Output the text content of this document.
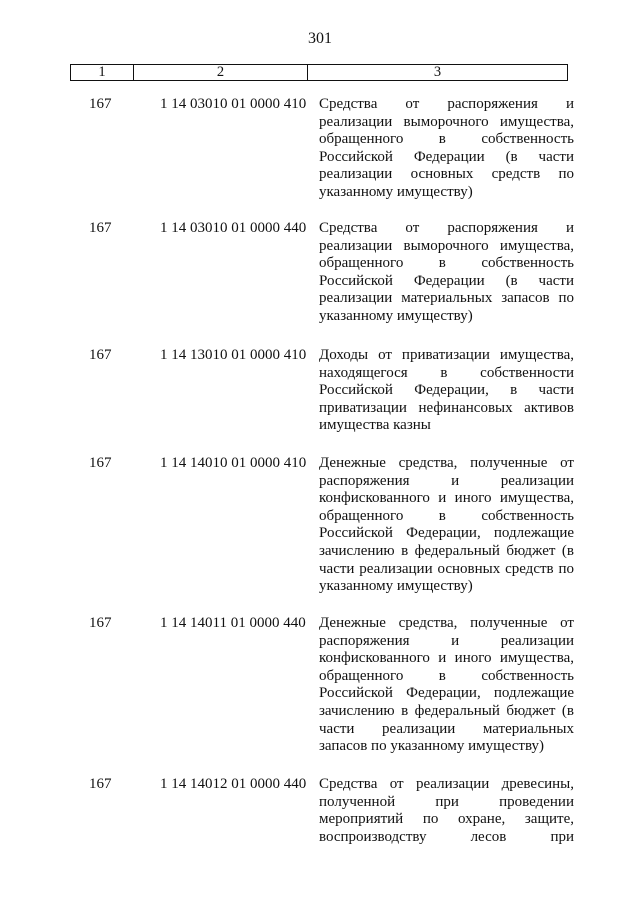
301
1	2	3
167	1 14 03010 01 0000 410 Средства от распоряжения и
реализации выморочного имущества,
обращенного в собственность
Российской Федерации (в части
реализации основных средств по
указанному имуществу)
167	1 14 03010 01 0000 440 Средства от распоряжения и
реализации выморочного имущества,
обращенного в собственность
Российской Федерации (в части
реализации материальных запасов по
указанному имуществу)
167	1 14 13010 01 0000 410 Доходы от приватизации имущества,
находящегося в собственности
Российской Федерации, в части
приватизации нефинансовых активов
имущества казны
167	1 14 14010 01 0000 410 Денежные средства, полученные от
распоряжения и реализации
конфискованного и иного имущества,
обращенного в собственность
Российской Федерации, подлежащие
зачислению в федеральный бюджет (в
части реализации основных средств по
указанному имуществу)
167	1 14 14011 01 0000 440 Денежные средства, полученные от
распоряжения и реализации
конфискованного и иного имущества,
обращенного в собственность
Российской Федерации, подлежащие
зачислению в федеральный бюджет (в
части реализации материальных
запасов по указанному имуществу)
167	1 14 14012 01 0000 440 Средства от реализации древесины,
полученной при проведении
мероприятий по охране, защите,
воспроизводству лесов при
